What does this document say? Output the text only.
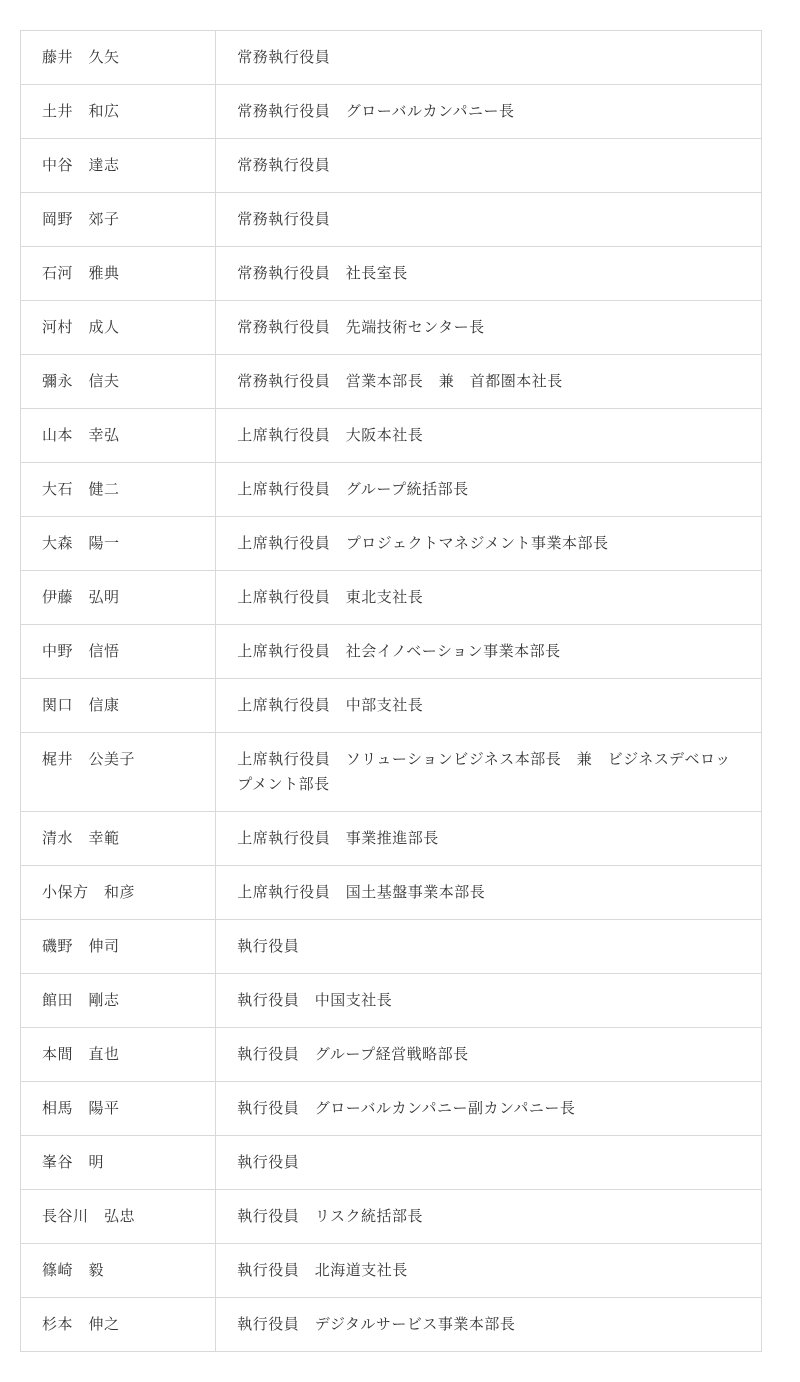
藤井　久矢	常務執行役員
土井　和広	常務執行役員　グローバルカンパニー長
中谷　達志	常務執行役員
岡野　郊子	常務執行役員
石河　雅典	常務執行役員　社長室長
河村　成人	常務執行役員　先端技術センター長
彌永　信夫	常務執行役員　営業本部長　兼　首都圏本社長
山本　幸弘	上席執行役員　大阪本社長
大石　健二	上席執行役員　グループ統括部長
大森　陽一	上席執行役員　プロジェクトマネジメント事業本部長
伊藤　弘明	上席執行役員　東北支社長
中野　信悟	上席執行役員　社会イノベーション事業本部長
関口　信康	上席執行役員　中部支社長
梶井　公美子	上席執行役員　ソリューションビジネス本部長　兼　ビジネスデベロップメント部長
清水　幸範	上席執行役員　事業推進部長
小保方　和彦	上席執行役員　国土基盤事業本部長
磯野　伸司	執行役員
館田　剛志	執行役員　中国支社長
本間　直也	執行役員　グループ経営戦略部長
相馬　陽平	執行役員　グローバルカンパニー副カンパニー長
峯谷　明	執行役員
長谷川　弘忠	執行役員　リスク統括部長
篠崎　毅	執行役員　北海道支社長
杉本　伸之	執行役員　デジタルサービス事業本部長
